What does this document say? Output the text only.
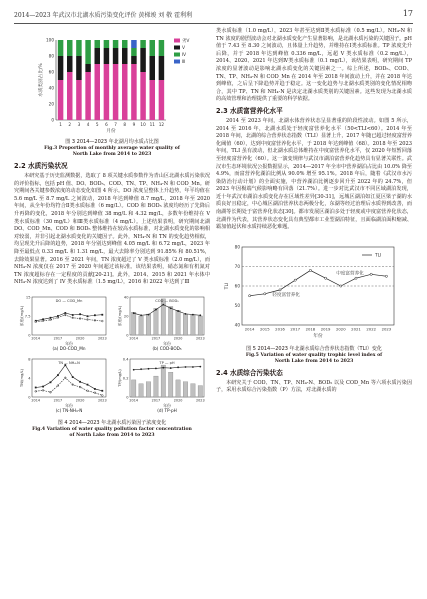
2014—2023 年武汉市北湖水质污染变化评价 黄梯竣 刘 敬 霍利利	17
0
20
40
60
80
100
1 2 3 4 5 6 7 8 9 10 11 12
月份
水质类别占比/%
劣V
V
Ⅳ
Ⅲ
图 3 2014—2023 年北湖月均水质占比图
Fig.3 Proportion of monthly average water quality of
North Lake from 2014 to 2023
2.2 水质污染状况

本研究基于历史监测数据，选取了 8 项关键水质参数作为青山区北湖水质污染状况的评价指标，包括 pH 值、DO、BOD₅、COD、TN、TP、NH₄-N 和 COD_Mn。研究期间各关键参数浓度的动态变化如图 4 所示。DO 浓度呈整体上升趋势，年平均值在 5.6 mg/L 至 8.7 mg/L 之间波动，2018 年达到峰值 8.7 mg/L，2018 年至 2020 年间，从全年份均符合Ⅱ类水质标准（6 mg/L）。COD 和 BOD₅ 浓度均经历了先降后升再降的变化，2018 年分别达到峰值 38 mg/L 和 4.32 mg/L，多数年份维持在 V 类水质标准（30 mg/L）和Ⅲ类水质标准（4 mg/L）。上述结果表明，研究期间北湖 DO、COD_Mn、COD 和 BOD₅ 整体维持在较高水质标准，对北湖水质变化的影响相对较弱，并非引起北湖水质变化的关键因子。此外，NH₄-N 和 TN 的变化趋势相似，均呈现先升后降的趋势，2018 年分别达到峰值 4.05 mg/L 和 6.72 mg/L，2023 年降至最低点 0.33 mg/L 和 1.31 mg/L，最大去除率分别达到 91.85% 和 80.51%，去除效果显著。2016 至 2021 年间，TN 浓度超过了 V 类水质标准（2.0 mg/L），而 NH₄-N 浓度仅在 2017 至 2020 年间超过该标准。该结果表明，硝态氮和有机氮对 TN 浓度超标存在一定程度的贡献[20-21]。此外，2014、2015 和 2021 年水体中 NH₄-N 浓度达到了 IV 类水质标准（1.5 mg/L），2016 和 2022 年达到了Ⅲ

0
7.5
15
2014	2017	2020	2023
DO — COD_Mn
年份
(a) DO-COD_Mn
浓度/(mg/L)
0
20
40
2014	2017	2020	2023
COD — BOD₅
年份
(b) COD-BOD₅
浓度/(mg/L)
0
4
8
2014	2017	2020	2023
TN — NH₄-N
年份
(c) TN-NH₄-N
TN/(mg/L)
0
0.2
0.4
2014	2017	2020	2023
TP — pH
年份
(d) TP-pH
TP/(mg/L)
图 4 2014—2023 年北湖水质污染因子浓度变化
Fig.4 Variation of water quality pollution factor concentration
of North Lake from 2014 to 2023

类水质标准（1.0 mg/L），2023 年甚至达到Ⅱ类水质标准（0.5 mg/L）。NH₄-N 和 TN 浓度的剧烈波动会对北湖水质变化产生显著影响，是北湖水质污染的关键因子。pH 值于 7.43 至 8.30 之间波动，且体量上升趋势，并维持在Ⅰ类水质标准。TP 浓度先升后降，并于 2018 年达到峰值 0.336 mg/L，远超 V 类水质标准（0.2 mg/L），2014、2020、2021 年达到Ⅳ类水质标准（0.1 mg/L），该结果表明，研究期间 TP 浓度的显著波动是影响北湖水质变化的关键因素之一。综上所述，BOD₅、COD、TN、TP、NH₄-N 和 COD_Mn 在 2014 年至 2018 年间波动上升，并在 2018 年达到峰值，之后呈下降趋势并趋于稳定。这一变化趋势与北湖水质类别的变化情况相吻合，其中 TP、TN 和 NH₄-N 是决定北湖水质类别的关键因素。这些发现为北湖水质的高效管理和治理提供了重要的科学依据。

2.3 水质富营养化水平

2014 至 2023 年间，北湖水体营养状态呈显著重的阶段性波动。如图 5 所示，2014 至 2016 年，北湖水质处于轻度富营养化水平（50<TLI<60）。2014 年至 2018 年间，北湖的综合营养状态指数（TLI）显著上升，2017 年随已超过轻度富营养化阈值（60），达到中度富营养化水平，于 2018 年达到峰值（68）。2018 年至 2023 年间，TLI 虽有波动，但北湖水质总体维持在中度富营养化水平，仅 2020 年短暂回落至轻度富营养化（60）。这一演变规律与武汉市湖泊富营养化趋势具有显著关联性。武汉市生态环境状况公报数据显示，2014—2017 年全市中营养湖泊占比由 10.0% 降至 4.9%，而富营养化湖泊比例从 90.0% 增至 95.1%。2018 年后，随着《武汉市水污染防治行动计划》的全面实施，中营养湖泊比例逐步回升至 2022 年的 24.7%，但 2023 年因极端气候影响略有回落（21.7%）。进一步对比武汉市不同区域湖泊发现，近十年武汉市湖泊水质变化存在区域性差异[30-31]，远城区湖泊如江夏区梁子湖的水质良好且稳定，中心城区湖泊营养状态两极分化，东湖等经过治理后水质得到改善，而南湖等长期处于富营养化状态[30]。都市发展区湖泊多处于轻度或中度富营养化状态，北湖作为代表，其营养状态变化具有典型都市工业型湖泊特征，且面临湖泊面积缩减、霸加值起伏和水质持续恶化难题。

40
50
60
70
80
中度富营养化
轻度富营养化
2014 2015 2016 2017 2018 2019 2020 2021 2022 2023
年份
TLI
TLI
图 5 2014—2023 年北湖水质综合营养状态指数（TLI）变化
Fig.5 Variation of water quality trophic level index of
North Lake from 2014 to 2023
2.4 水质综合污染状态

本研究关于 COD、TN、TP、NH₄-N、BOD₅ 以及 COD_Mn 等六项水质污染因子，采用水质综合污染指数（P）方法，对北湖水质的
